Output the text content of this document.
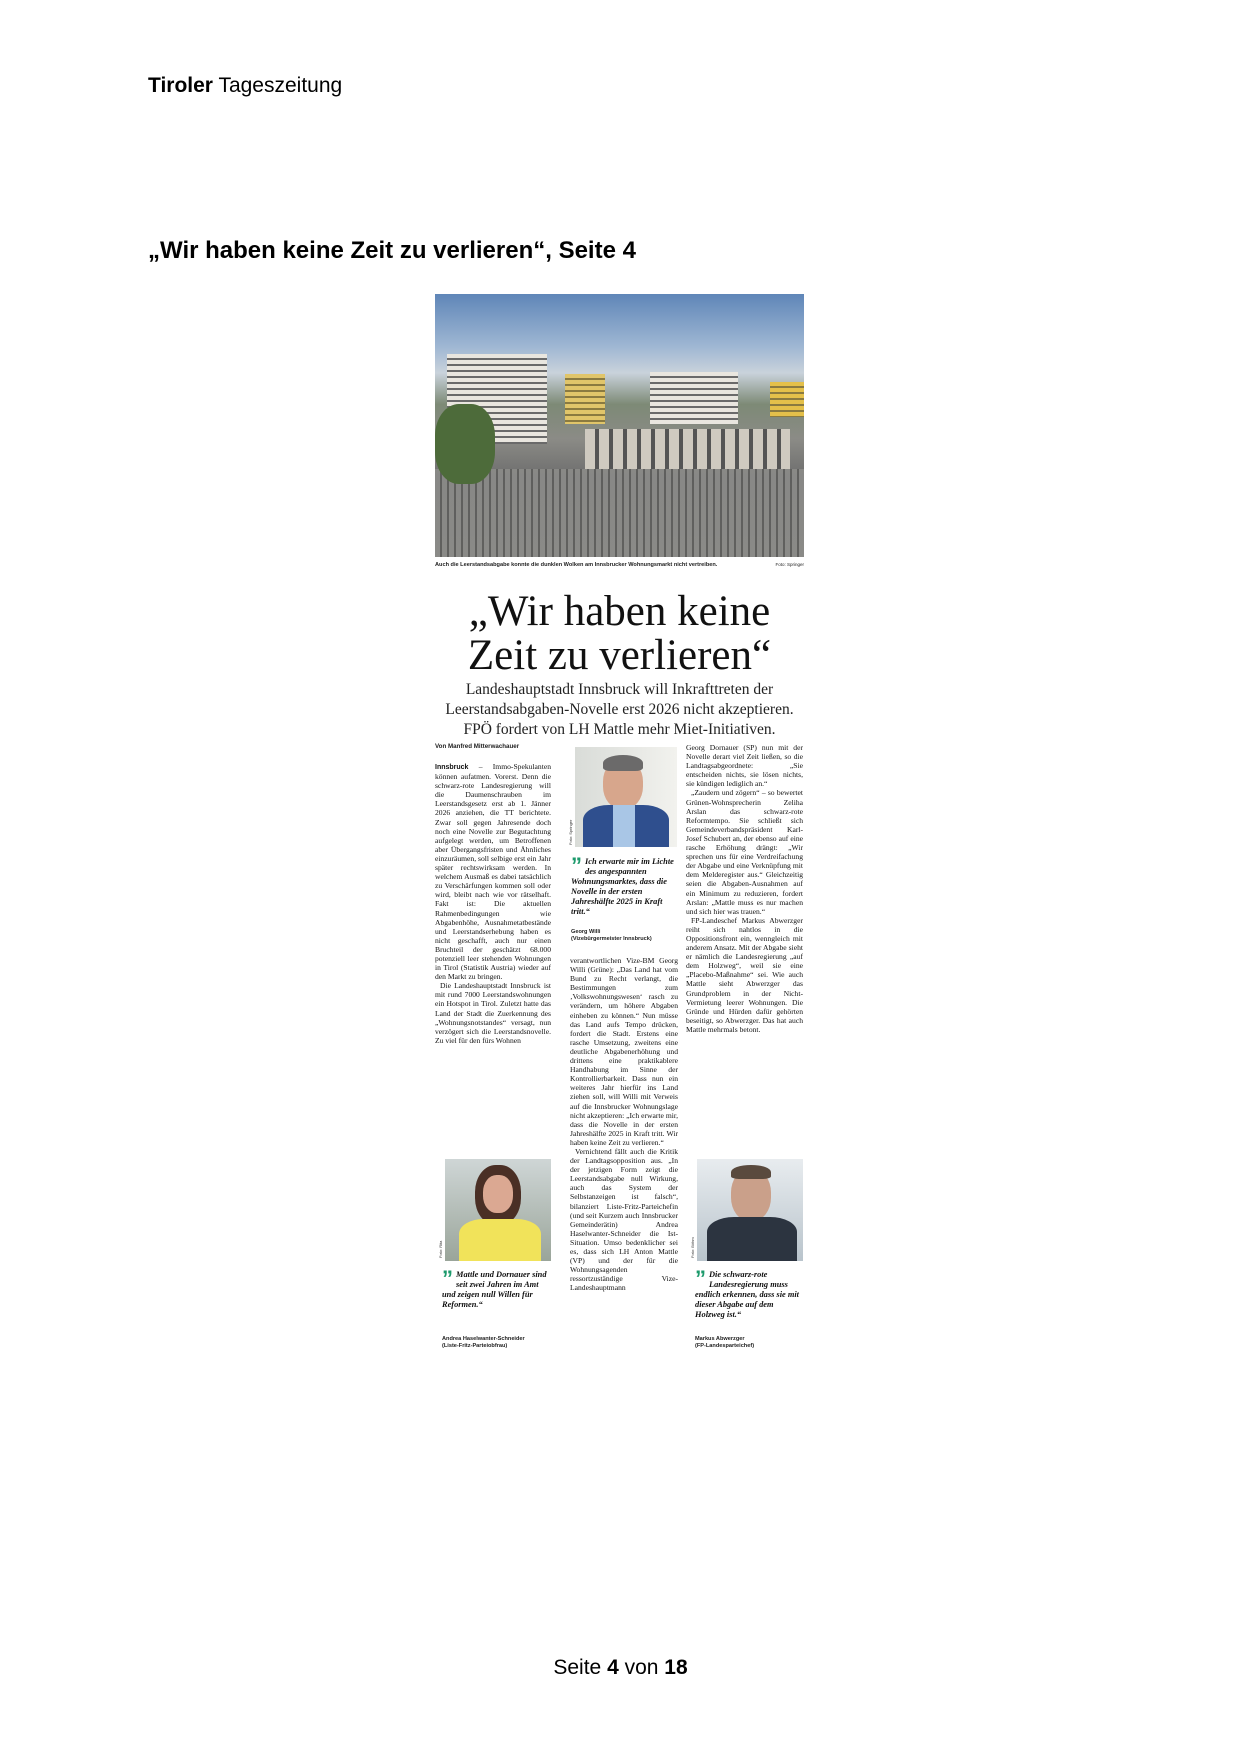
Tiroler Tageszeitung
„Wir haben keine Zeit zu verlieren“, Seite 4
Auch die Leerstandsabgabe konnte die dunklen Wolken am Innsbrucker Wohnungsmarkt nicht vertreiben.	Foto: Springer
„Wir haben keine
Zeit zu verlieren“
Landeshauptstadt Innsbruck will Inkrafttreten der Leerstandsabgaben-Novelle erst 2026 nicht akzeptieren. FPÖ fordert von LH Mattle mehr Miet-Initiativen.
Von Manfred Mitterwachauer

Innsbruck – Immo-Spekulanten können aufatmen. Vorerst. Denn die schwarz-rote Landesregierung will die Daumenschrauben im Leerstandsgesetz erst ab 1. Jänner 2026 anziehen, die TT berichtete. Zwar soll gegen Jahresende doch noch eine Novelle zur Begutachtung aufgelegt werden, um Betroffenen aber Übergangsfristen und Ähnliches einzuräumen, soll selbige erst ein Jahr später rechtswirksam werden. In welchem Ausmaß es dabei tatsächlich zu Verschärfungen kommen soll oder wird, bleibt nach wie vor rätselhaft. Fakt ist: Die aktuellen Rahmenbedingungen wie Abgabenhöhe, Ausnahmetatbestände und Leerstandserhebung haben es nicht geschafft, auch nur einen Bruchteil der geschätzt 68.000 potenziell leer stehenden Wohnungen in Tirol (Statistik Austria) wieder auf den Markt zu bringen.

Die Landeshauptstadt Innsbruck ist mit rund 7000 Leerstandswohnungen ein Hotspot in Tirol. Zuletzt hatte das Land der Stadt die Zuerkennung des „Wohnungsnotstandes“ versagt, nun verzögert sich die Leerstandsnovelle. Zu viel für den fürs Wohnen

Foto: Springer
” Ich erwarte mir im Lichte des angespannten Wohnungsmarktes, dass die Novelle in der ersten Jahreshälfte 2025 in Kraft tritt.“
Georg Willi
(Vizebürgermeister Innsbruck)

verantwortlichen Vize-BM Georg Willi (Grüne): „Das Land hat vom Bund zu Recht verlangt, die Bestimmungen zum ‚Volkswohnungswesen‘ rasch zu verändern, um höhere Abgaben einheben zu können.“ Nun müsse das Land aufs Tempo drücken, fordert die Stadt. Erstens eine rasche Umsetzung, zweitens eine deutliche Abgabenerhöhung und drittens eine praktikablere Handhabung im Sinne der Kontrollierbarkeit. Dass nun ein weiteres Jahr hierfür ins Land ziehen soll, will Willi mit Verweis auf die Innsbrucker Wohnungslage nicht akzeptieren: „Ich erwarte mir, dass die Novelle in der ersten Jahreshälfte 2025 in Kraft tritt. Wir haben keine Zeit zu verlieren.“

Vernichtend fällt auch die Kritik der Landtagsopposition aus. „In der jetzigen Form zeigt die Leerstandsabgabe null Wirkung, auch das System der Selbstanzeigen ist falsch“, bilanziert Liste-Fritz-Parteichefin (und seit Kurzem auch Innsbrucker Gemeinderätin) Andrea Haselwanter-Schneider die Ist-Situation. Umso bedenklicher sei es, dass sich LH Anton Mattle (VP) und der für die Wohnungsagenden ressortzuständige Vize-Landeshauptmann

Georg Dornauer (SP) nun mit der Novelle derart viel Zeit ließen, so die Landtagsabgeordnete: „Sie entscheiden nichts, sie lösen nichts, sie kündigen lediglich an.“

„Zaudern und zögern“ – so bewertet Grünen-Wohnsprecherin Zeliha Arslan das schwarz-rote Reformtempo. Sie schließt sich Gemeindeverbandspräsident Karl-Josef Schubert an, der ebenso auf eine rasche Erhöhung drängt: „Wir sprechen uns für eine Verdreifachung der Abgabe und eine Verknüpfung mit dem Melderegister aus.“ Gleichzeitig seien die Abgaben-Ausnahmen auf ein Minimum zu reduzieren, fordert Arslan: „Mattle muss es nur machen und sich hier was trauen.“

FP-Landeschef Markus Abwerzger reiht sich nahtlos in die Oppositionsfront ein, wenngleich mit anderem Ansatz. Mit der Abgabe sieht er nämlich die Landesregierung „auf dem Holzweg“, weil sie eine „Placebo-Maßnahme“ sei. Wie auch Mattle sieht Abwerzger das Grundproblem in der Nicht-Vermietung leerer Wohnungen. Die Gründe und Hürden dafür gehörten beseitigt, so Abwerzger. Das hat auch Mattle mehrmals betont.

Foto: Rita
” Mattle und Dornauer sind seit zwei Jahren im Amt und zeigen null Willen für Reformen.“
Andrea Haselwanter-Schneider
(Liste-Fritz-Parteiobfrau)
Foto: Böhm
” Die schwarz-rote Landesregierung muss endlich erkennen, dass sie mit dieser Abgabe auf dem Holzweg ist.“
Markus Abwerzger
(FP-Landesparteichef)
Seite 4 von 18
